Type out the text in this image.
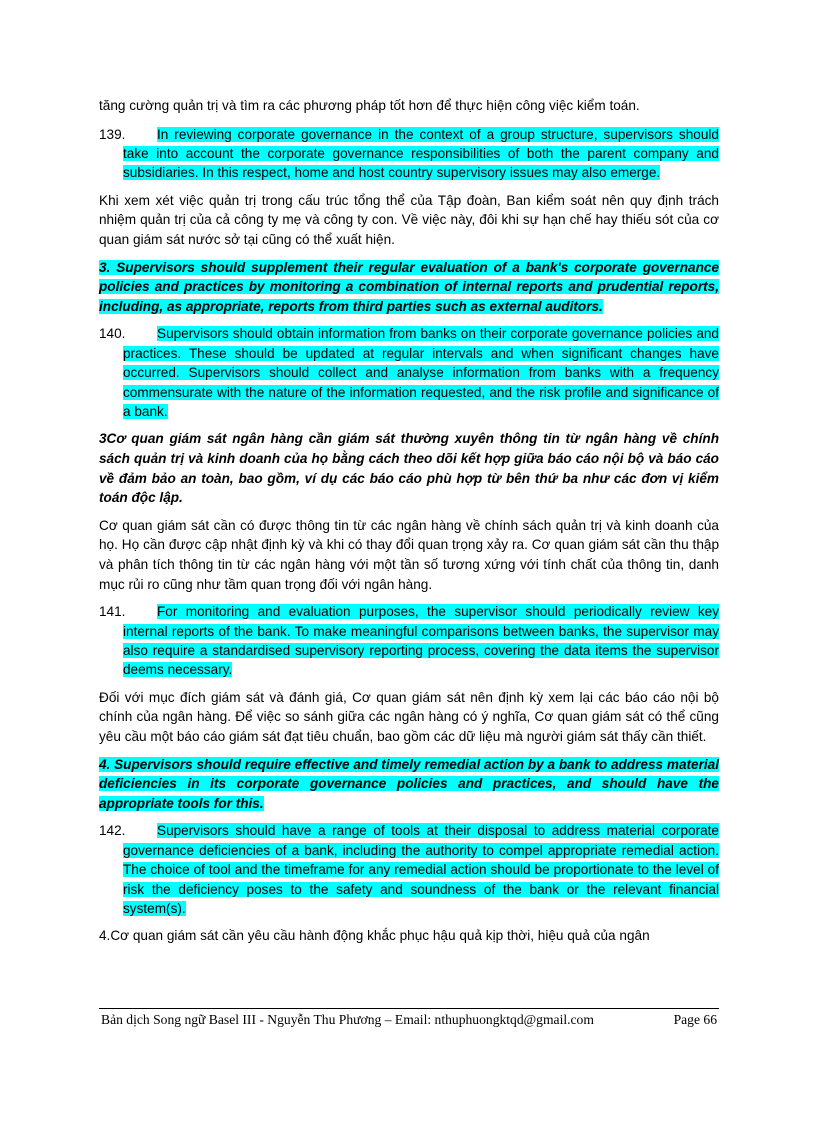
tăng cường quản trị và tìm ra các phương pháp tốt hơn để thực hiện công việc kiểm toán.

139. In reviewing corporate governance in the context of a group structure, supervisors should take into account the corporate governance responsibilities of both the parent company and subsidiaries. In this respect, home and host country supervisory issues may also emerge.

Khi xem xét việc quản trị trong cấu trúc tổng thể của Tập đoàn, Ban kiểm soát nên quy định trách nhiệm quản trị của cả công ty mẹ và công ty con. Về việc này, đôi khi sự hạn chế hay thiếu sót của cơ quan giám sát nước sở tại cũng có thể xuất hiện.

3. Supervisors should supplement their regular evaluation of a bank's corporate governance policies and practices by monitoring a combination of internal reports and prudential reports, including, as appropriate, reports from third parties such as external auditors.

140. Supervisors should obtain information from banks on their corporate governance policies and practices. These should be updated at regular intervals and when significant changes have occurred. Supervisors should collect and analyse information from banks with a frequency commensurate with the nature of the information requested, and the risk profile and significance of a bank.

3Cơ quan giám sát ngân hàng cần giám sát thường xuyên thông tin từ ngân hàng về chính sách quản trị và kinh doanh của họ bằng cách theo dõi kết hợp giữa báo cáo nội bộ và báo cáo về đảm bảo an toàn, bao gồm, ví dụ các báo cáo phù hợp từ bên thứ ba như các đơn vị kiểm toán độc lập.

Cơ quan giám sát cần có được thông tin từ các ngân hàng về chính sách quản trị và kinh doanh của họ. Họ cần được cập nhật định kỳ và khi có thay đổi quan trọng xảy ra. Cơ quan giám sát cần thu thập và phân tích thông tin từ các ngân hàng với một tần số tương xứng với tính chất của thông tin, danh mục rủi ro cũng như tầm quan trọng đối với ngân hàng.

141. For monitoring and evaluation purposes, the supervisor should periodically review key internal reports of the bank. To make meaningful comparisons between banks, the supervisor may also require a standardised supervisory reporting process, covering the data items the supervisor deems necessary.

Đối với mục đích giám sát và đánh giá, Cơ quan giám sát nên định kỳ xem lại các báo cáo nội bộ chính của ngân hàng. Để việc so sánh giữa các ngân hàng có ý nghĩa, Cơ quan giám sát có thể cũng yêu cầu một báo cáo giám sát đạt tiêu chuẩn, bao gồm các dữ liệu mà người giám sát thấy cần thiết.

4. Supervisors should require effective and timely remedial action by a bank to address material deficiencies in its corporate governance policies and practices, and should have the appropriate tools for this.

142. Supervisors should have a range of tools at their disposal to address material corporate governance deficiencies of a bank, including the authority to compel appropriate remedial action. The choice of tool and the timeframe for any remedial action should be proportionate to the level of risk the deficiency poses to the safety and soundness of the bank or the relevant financial system(s).

4.Cơ quan giám sát cần yêu cầu hành động khắc phục hậu quả kịp thời, hiệu quả của ngân

Bản dịch Song ngữ Basel III - Nguyễn Thu Phương – Email: nthuphuongktqd@gmail.com	Page 66
